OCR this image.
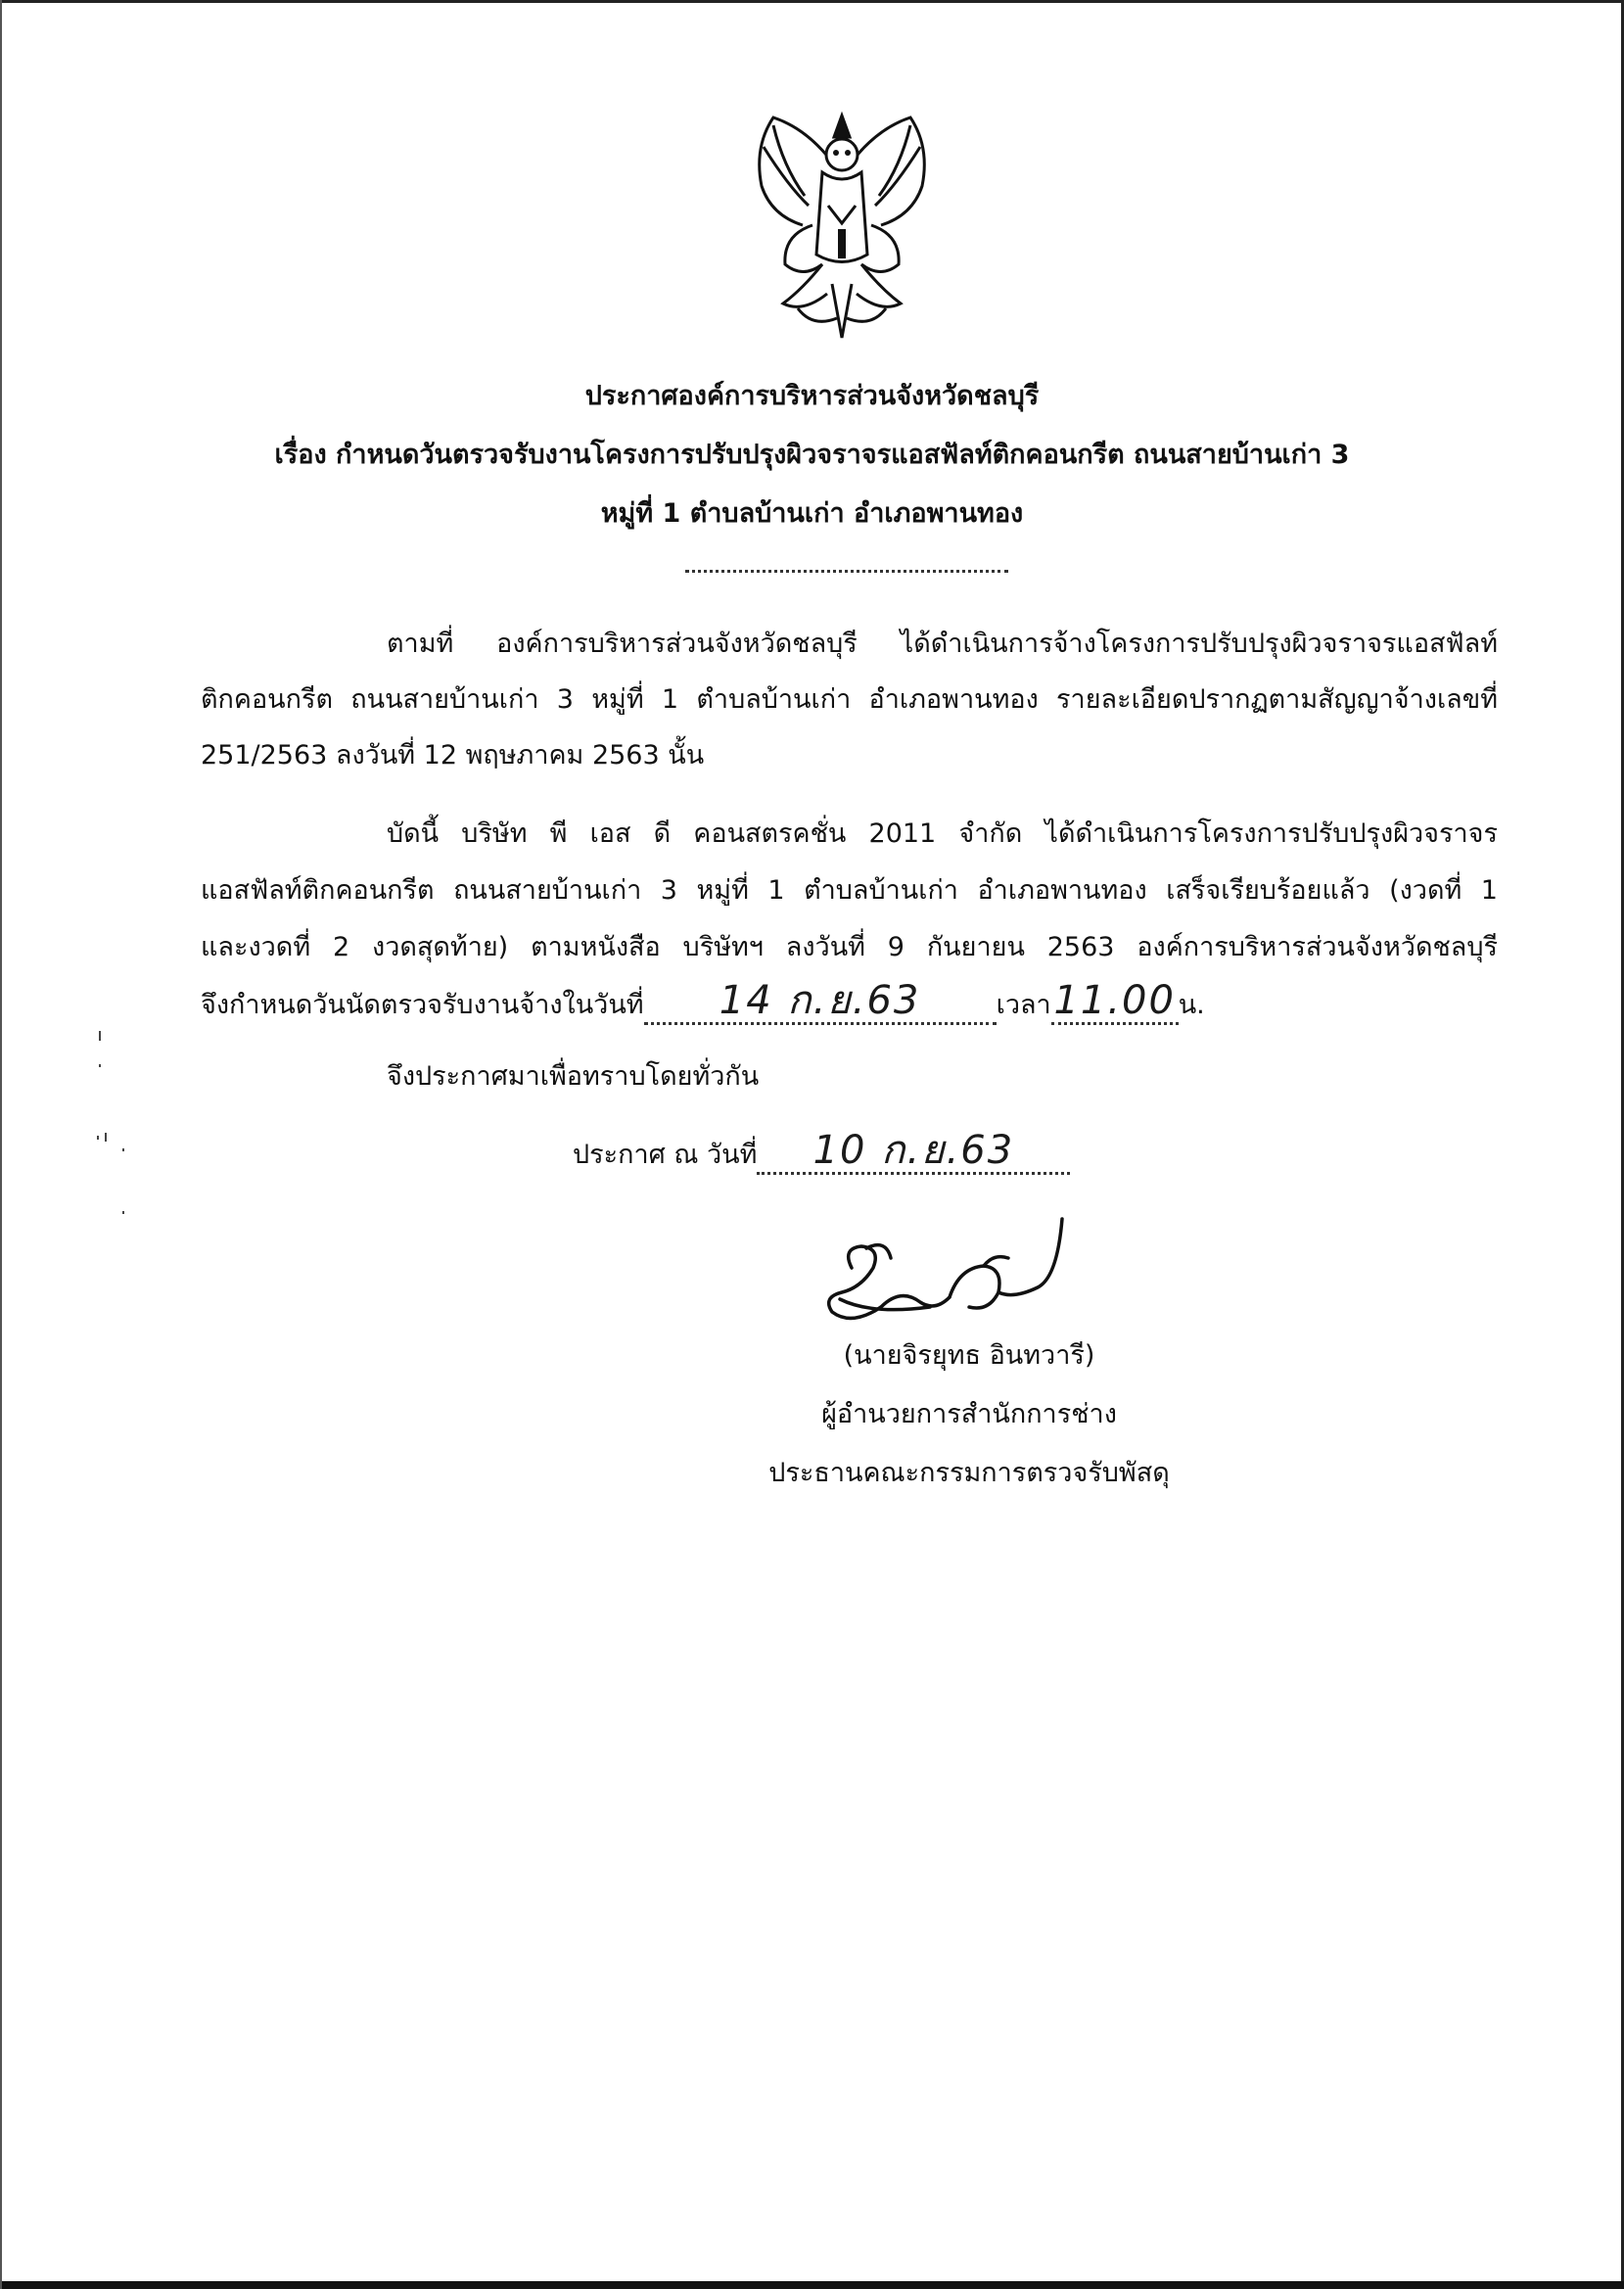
ประกาศองค์การบริหารส่วนจังหวัดชลบุรี
เรื่อง กำหนดวันตรวจรับงานโครงการปรับปรุงผิวจราจรแอสฟัลท์ติกคอนกรีต ถนนสายบ้านเก่า 3
หมู่ที่ 1 ตำบลบ้านเก่า อำเภอพานทอง
ตามที่ องค์การบริหารส่วนจังหวัดชลบุรี ได้ดำเนินการจ้างโครงการปรับปรุงผิวจราจรแอสฟัลท์
ติกคอนกรีต ถนนสายบ้านเก่า 3 หมู่ที่ 1 ตำบลบ้านเก่า อำเภอพานทอง รายละเอียดปรากฏตามสัญญาจ้างเลขที่
251/2563 ลงวันที่ 12 พฤษภาคม 2563 นั้น
บัดนี้ บริษัท พี เอส ดี คอนสตรคชั่น 2011 จำกัด ได้ดำเนินการโครงการปรับปรุงผิวจราจร
แอสฟัลท์ติกคอนกรีต ถนนสายบ้านเก่า 3 หมู่ที่ 1 ตำบลบ้านเก่า อำเภอพานทอง เสร็จเรียบร้อยแล้ว (งวดที่ 1
และงวดที่ 2 งวดสุดท้าย) ตามหนังสือ บริษัทฯ ลงวันที่ 9 กันยายน 2563 องค์การบริหารส่วนจังหวัดชลบุรี
จึงกำหนดวันนัดตรวจรับงานจ้างในวันที่ 14 ก.ย.63	เวลา11.00 น.
จึงประกาศมาเพื่อทราบโดยทั่วกัน
ประกาศ ณ วันที่ 10 ก.ย.63
(นายจิรยุทธ อินทวารี)
ผู้อำนวยการสำนักการช่าง
ประธานคณะกรรมการตรวจรับพัสดุ
